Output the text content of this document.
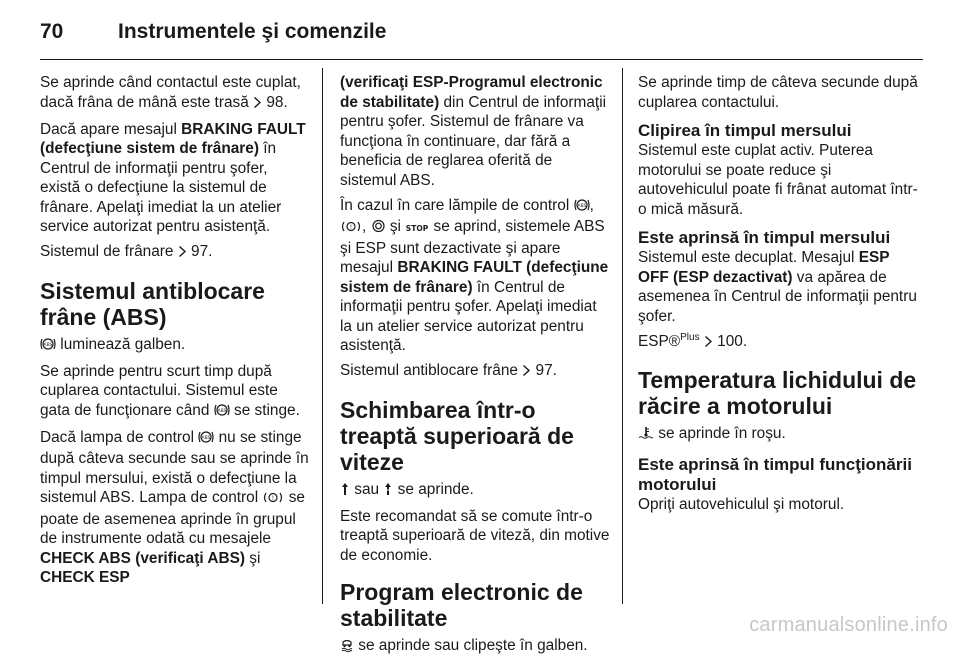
70	Instrumentele şi comenzile

Se aprinde când contactul este cuplat, dacă frâna de mână este trasă 98.

Dacă apare mesajul BRAKING FAULT (defecţiune sistem de frânare) în Centrul de informaţii pentru şofer, există o defecţiune la sistemul de frânare. Apelaţi imediat la un atelier service autorizat pentru asistenţă.

Sistemul de frânare 97.

Sistemul antiblocare frâne (ABS)

ABS luminează galben.

Se aprinde pentru scurt timp după cuplarea contactului. Sistemul este gata de funcţionare când ABS se stinge.

Dacă lampa de control ABS nu se stinge după câteva secunde sau se aprinde în timpul mersului, există o defecţiune la sistemul ABS. Lampa de control ! se poate de asemenea aprinde în grupul de instrumente odată cu mesajele CHECK ABS (verificaţi ABS) şi CHECK ESP

(verificaţi ESP-Programul electronic de stabilitate) din Centrul de informaţii pentru şofer. Sistemul de frânare va funcţiona în continuare, dar fără a beneficia de reglarea oferită de sistemul ABS.

În cazul în care lămpile de control ABS ,
! , şi STOP se aprind, sistemele ABS şi ESP sunt dezactivate şi apare mesajul BRAKING FAULT (defecţiune sistem de frânare) în Centrul de informaţii pentru şofer. Apelaţi imediat la un atelier service autorizat pentru asistenţă.

Sistemul antiblocare frâne 97.

Schimbarea într-o treaptă superioară de viteze

sau se aprinde.

Este recomandat să se comute într-o treaptă superioară de viteză, din motive de economie.

Program electronic de stabilitate

se aprinde sau clipeşte în galben.

Se aprinde timp de câteva secunde după cuplarea contactului.

Clipirea în timpul mersului

Sistemul este cuplat activ. Puterea motorului se poate reduce şi autovehiculul poate fi frânat automat într-o mică măsură.

Este aprinsă în timpul mersului

Sistemul este decuplat. Mesajul ESP OFF (ESP dezactivat) va apărea de asemenea în Centrul de informaţii pentru şofer.

ESP®$^{Plus}$ 100.

Temperatura lichidului de răcire a motorului

se aprinde în roşu.

Este aprinsă în timpul funcţionării motorului

Opriţi autovehiculul şi motorul.

carmanualsonline.info
